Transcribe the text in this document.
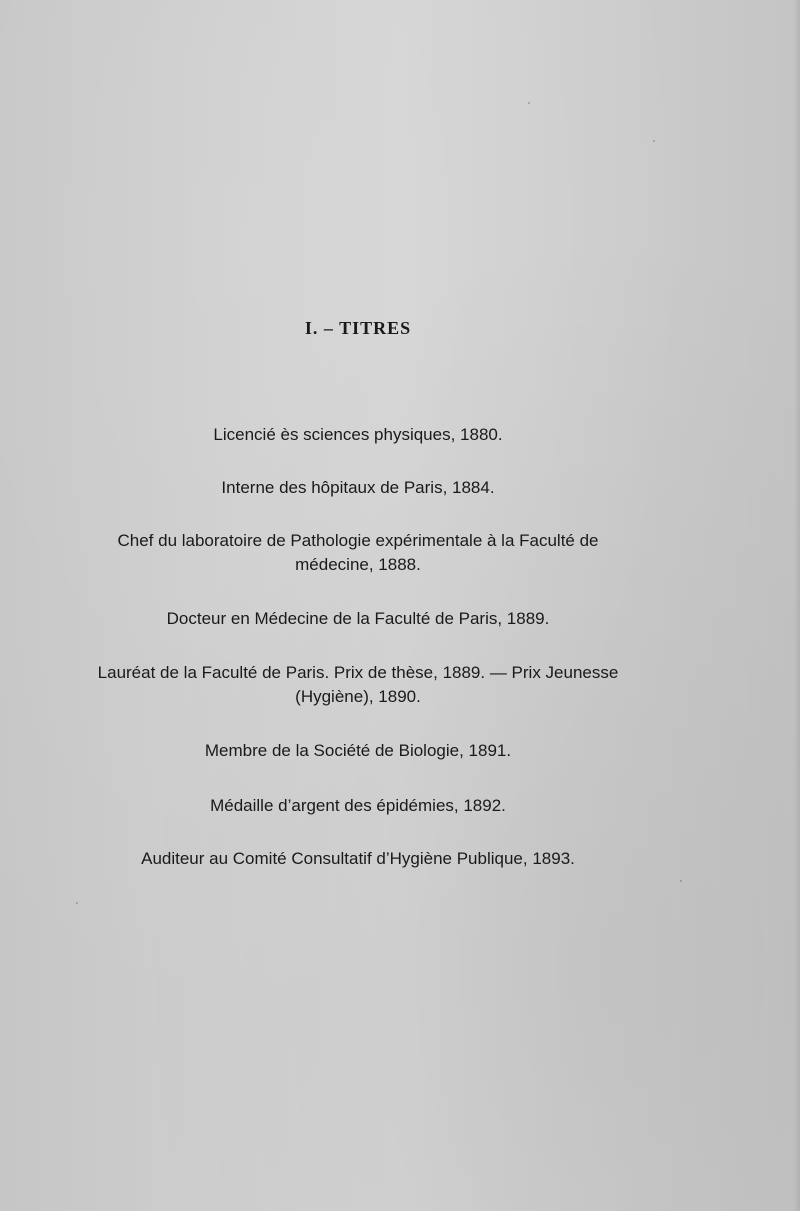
I. – TITRES

Licencié ès sciences physiques, 1880.

Interne des hôpitaux de Paris, 1884.

Chef du laboratoire de Pathologie expérimentale à la Faculté de
médecine, 1888.

Docteur en Médecine de la Faculté de Paris, 1889.

Lauréat de la Faculté de Paris. Prix de thèse, 1889. — Prix Jeunesse
(Hygiène), 1890.

Membre de la Société de Biologie, 1891.

Médaille d’argent des épidémies, 1892.

Auditeur au Comité Consultatif d’Hygiène Publique, 1893.
